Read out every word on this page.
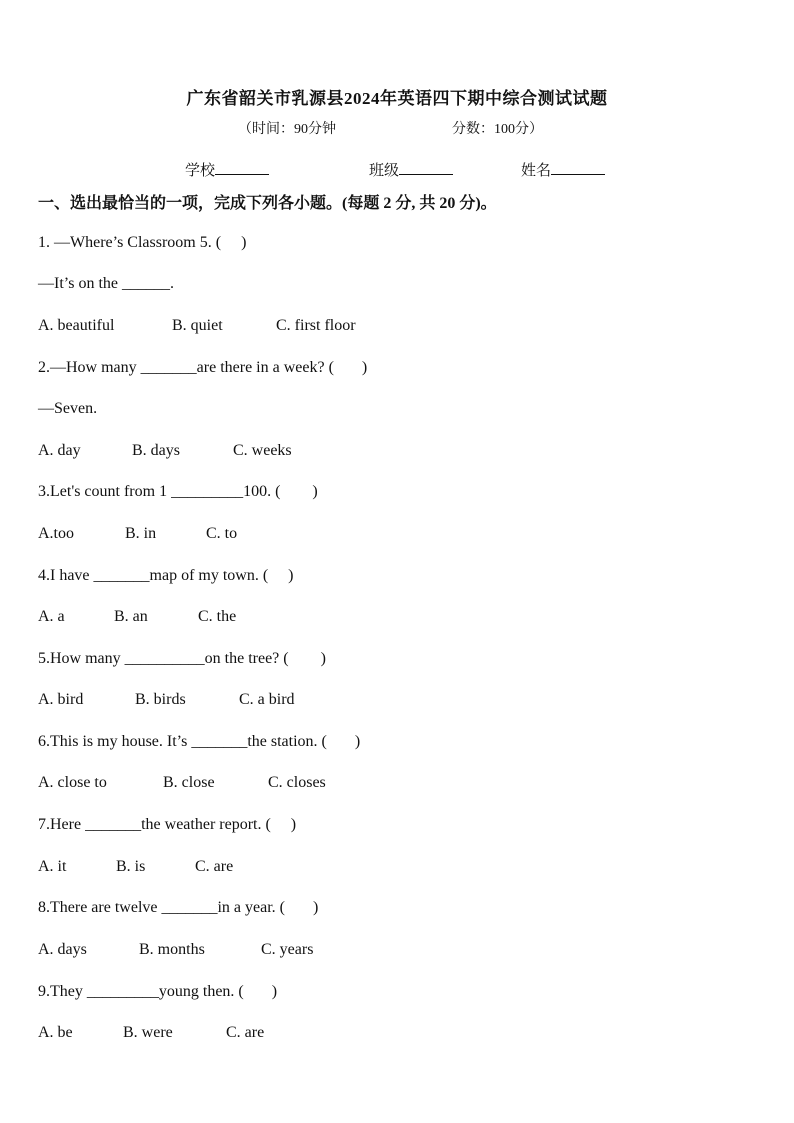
广东省韶关市乳源县2024年英语四下期中综合测试试题
（时间：90分钟	分数：100分）
学校	班级	姓名
一、选出最恰当的一项，完成下列各小题。(每题 2 分, 共 20 分)。
1. —Where’s Classroom 5. (     )
—It’s on the ______.
A. beautiful	B. quiet	C. first floor
2.—How many _______are there in a week? (       )
—Seven.
A. day	B. days	C. weeks
3.Let's count from 1 _________100. (        )
A.too	B. in	C. to
4.I have _______map of my town. (     )
A. a	B. an	C. the
5.How many __________on the tree? (        )
A. bird	B. birds	C. a bird
6.This is my house. It’s _______the station. (       )
A. close to	B. close	C. closes
7.Here _______the weather report. (     )
A. it	B. is	C. are
8.There are twelve _______in a year. (       )
A. days	B. months	C. years
9.They _________young then. (       )
A. be	B. were	C. are
